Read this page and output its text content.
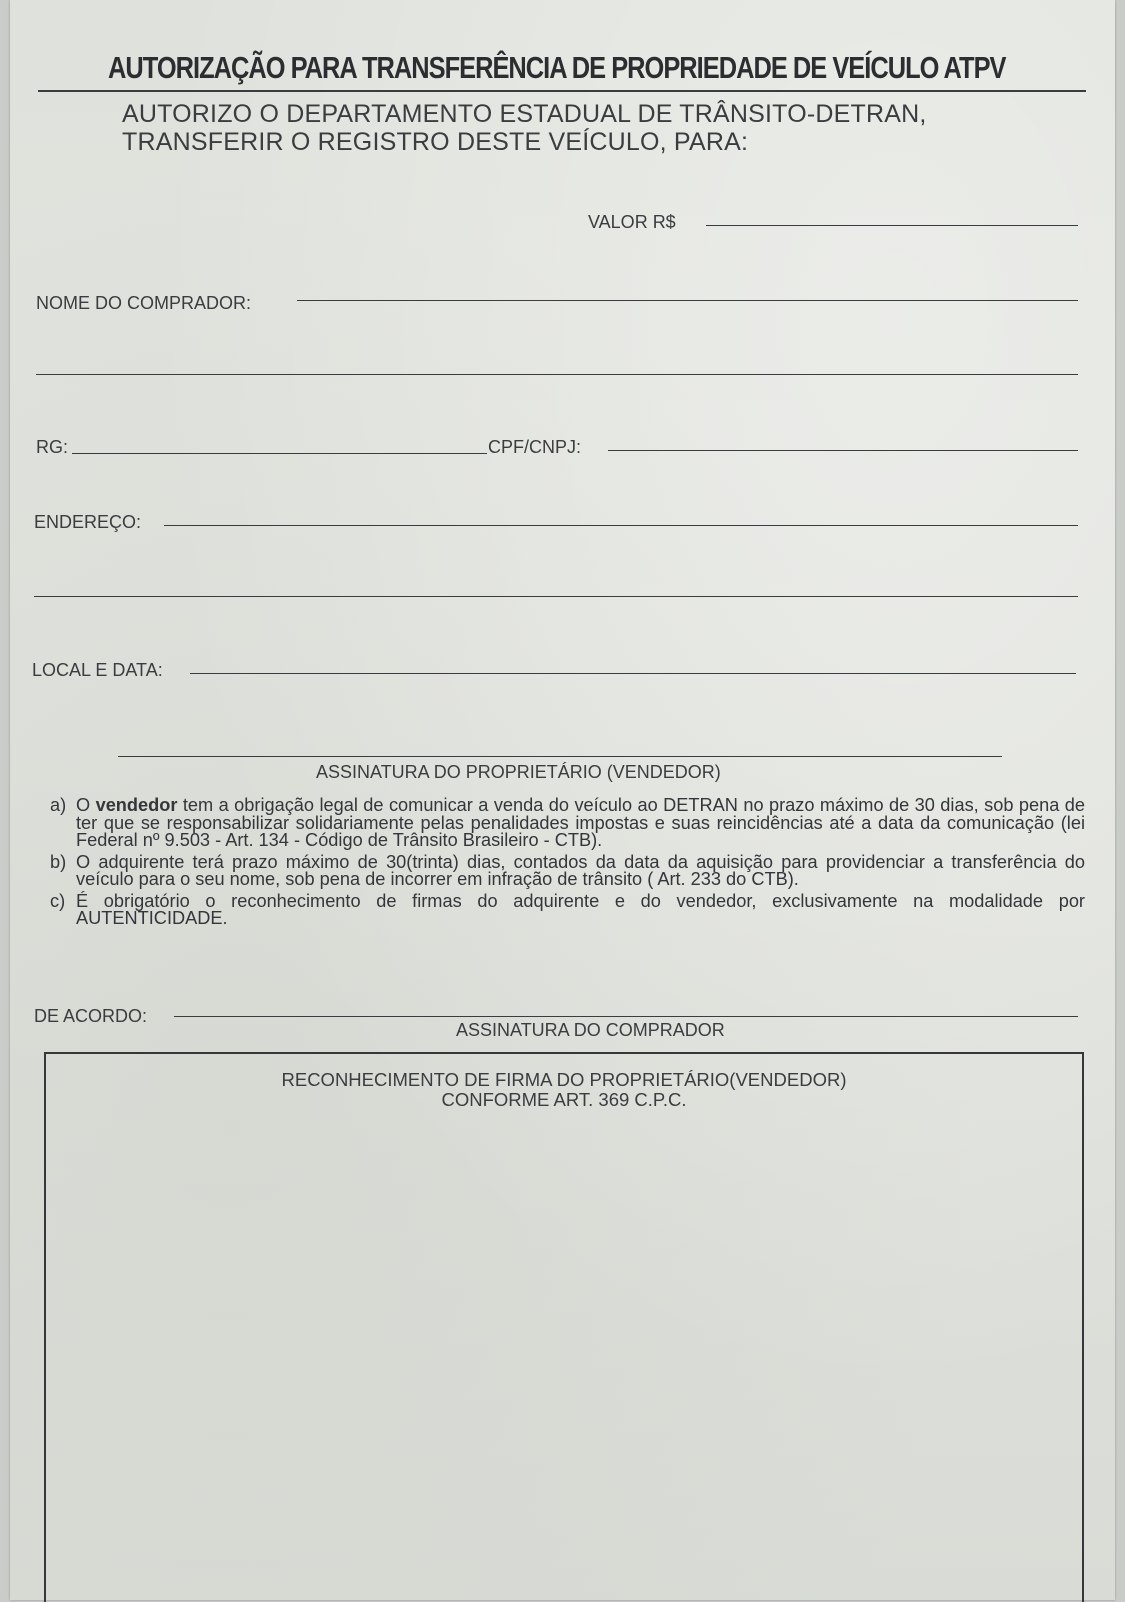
AUTORIZAÇÃO PARA TRANSFERÊNCIA DE PROPRIEDADE DE VEÍCULO ATPV
AUTORIZO O DEPARTAMENTO ESTADUAL DE TRÂNSITO-DETRAN,
TRANSFERIR O REGISTRO DESTE VEÍCULO, PARA:
VALOR R$
NOME DO COMPRADOR:
RG:	CPF/CNPJ:
ENDEREÇO:
LOCAL E DATA:
ASSINATURA DO PROPRIETÁRIO (VENDEDOR)
a) O vendedor tem a obrigação legal de comunicar a venda do veículo ao DETRAN no prazo máximo de 30 dias, sob pena de ter que se responsabilizar solidariamente pelas penalidades impostas e suas reincidências até a data da comunicação (lei Federal nº 9.503 - Art. 134 - Código de Trânsito Brasileiro - CTB).
b) O adquirente terá prazo máximo de 30(trinta) dias, contados da data da aquisição para providenciar a transferência do veículo para o seu nome, sob pena de incorrer em infração de trânsito ( Art. 233 do CTB).
c) É obrigatório o reconhecimento de firmas do adquirente e do vendedor, exclusivamente na modalidade por AUTENTICIDADE.
DE ACORDO:
ASSINATURA DO COMPRADOR
RECONHECIMENTO DE FIRMA DO PROPRIETÁRIO(VENDEDOR)
CONFORME ART. 369 C.P.C.
